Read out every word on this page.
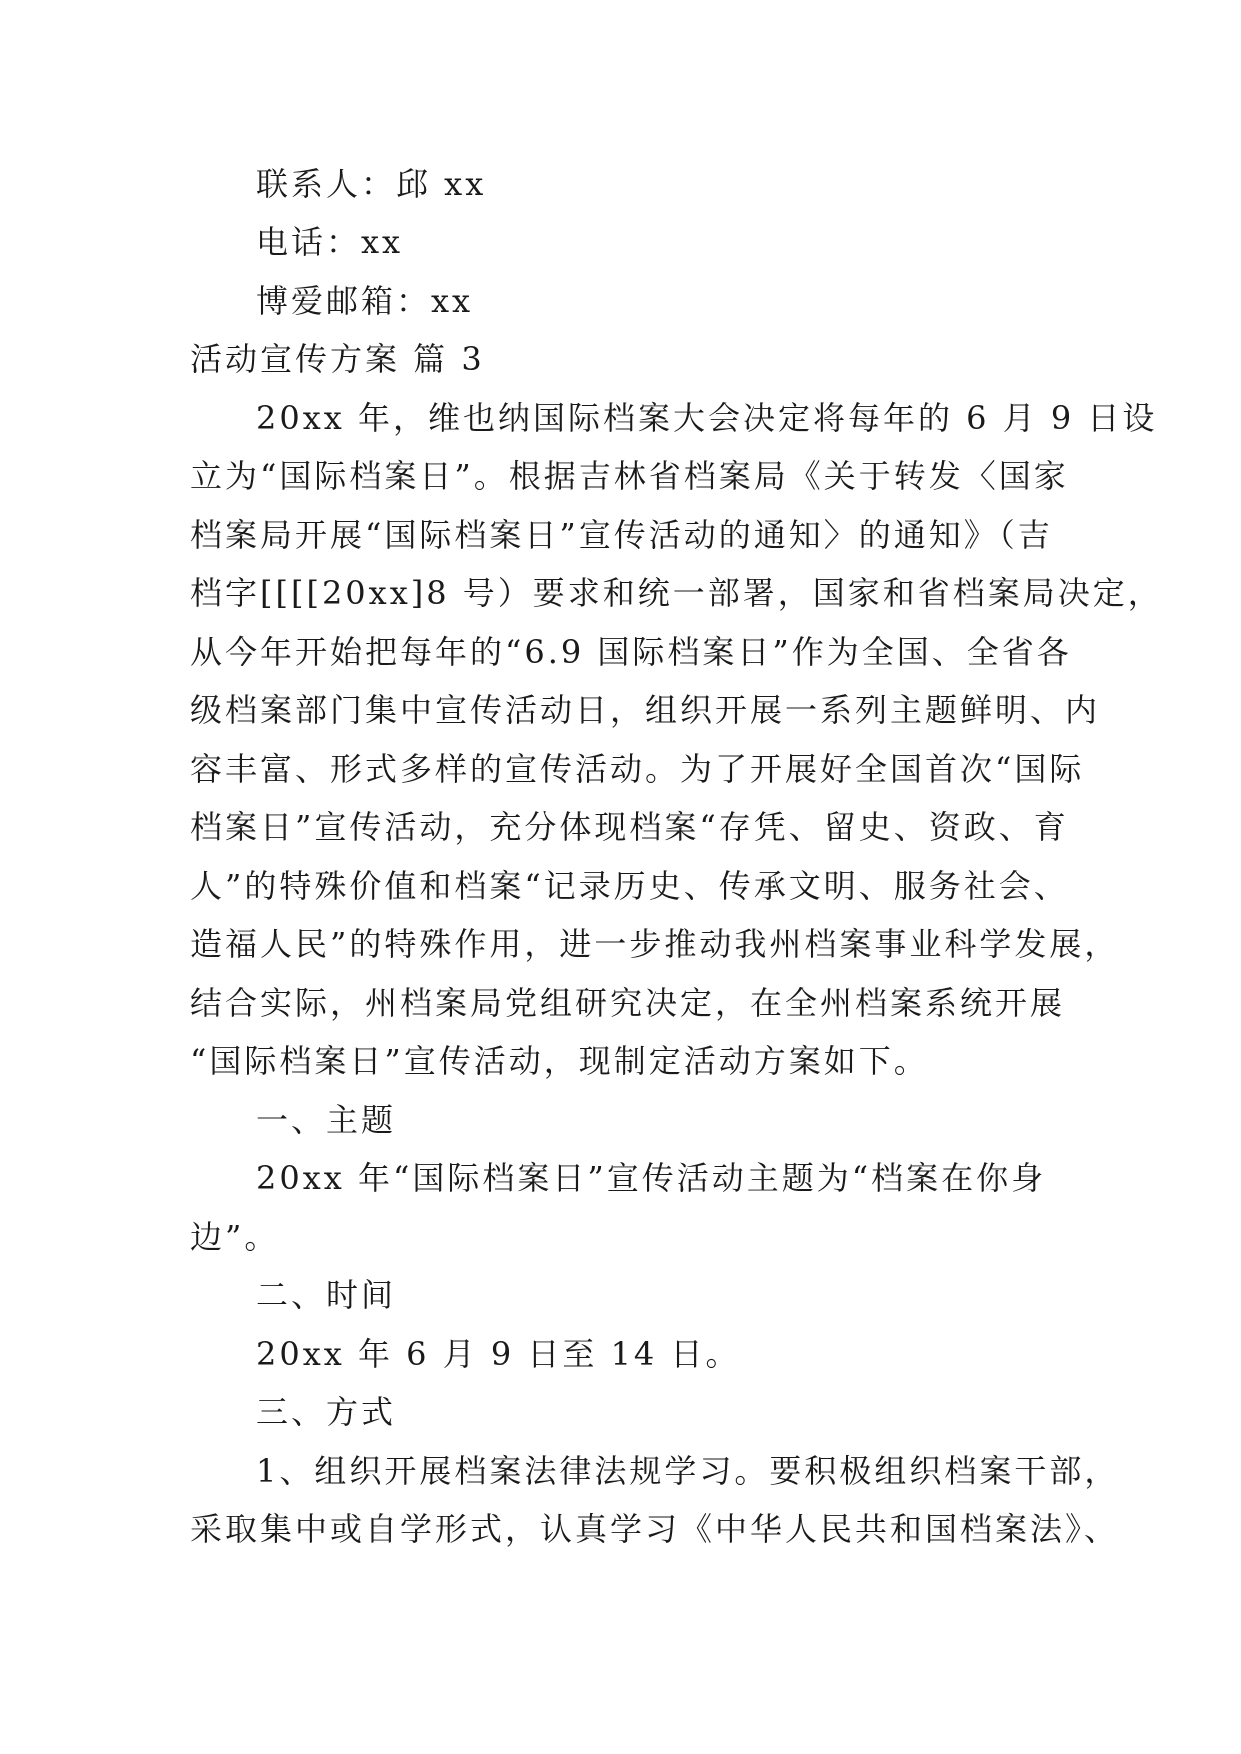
联系人：邱 xx
电话：xx
博爱邮箱：xx
活动宣传方案 篇 3
20xx 年，维也纳国际档案大会决定将每年的 6 月 9 日设
立为“国际档案日”。根据吉林省档案局《关于转发〈国家
档案局开展“国际档案日”宣传活动的通知〉的通知》（吉
档字[[[[20xx]8 号）要求和统一部署，国家和省档案局决定，
从今年开始把每年的“6.9 国际档案日”作为全国、全省各
级档案部门集中宣传活动日，组织开展一系列主题鲜明、内
容丰富、形式多样的宣传活动。为了开展好全国首次“国际
档案日”宣传活动，充分体现档案“存凭、留史、资政、育
人”的特殊价值和档案“记录历史、传承文明、服务社会、
造福人民”的特殊作用，进一步推动我州档案事业科学发展，
结合实际，州档案局党组研究决定，在全州档案系统开展
“国际档案日”宣传活动，现制定活动方案如下。
一、主题
20xx 年“国际档案日”宣传活动主题为“档案在你身
边”。
二、时间
20xx 年 6 月 9 日至 14 日。
三、方式
1、组织开展档案法律法规学习。要积极组织档案干部，
采取集中或自学形式，认真学习《中华人民共和国档案法》、
